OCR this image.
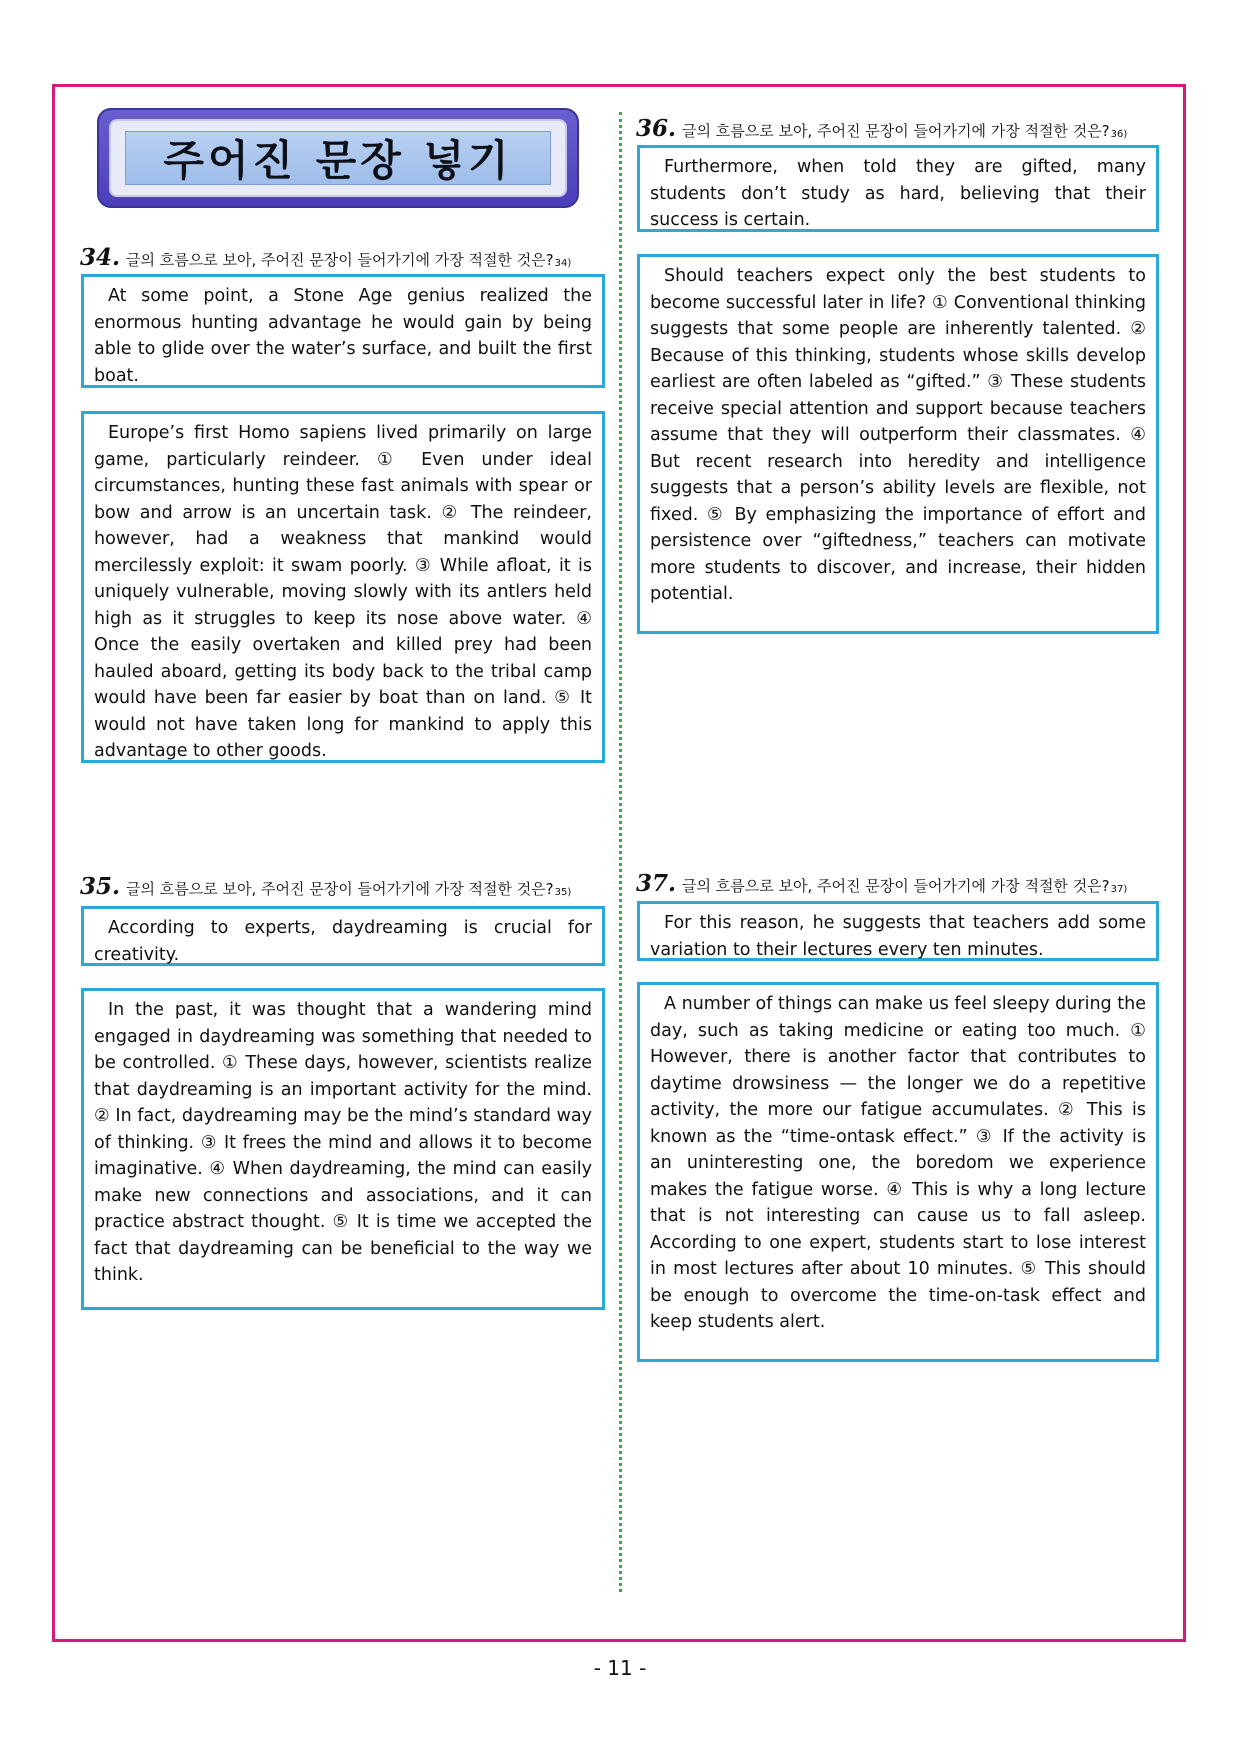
주어진 문장 넣기
34. 글의 흐름으로 보아, 주어진 문장이 들어가기에 가장 적절한 것은? 34)
At some point, a Stone Age genius realized the enormous hunting advantage he would gain by being able to glide over the water’s surface, and built the first boat.
Europe’s first Homo sapiens lived primarily on large game, particularly reindeer. ① Even under ideal circumstances, hunting these fast animals with spear or bow and arrow is an uncertain task. ② The reindeer, however, had a weakness that mankind would mercilessly exploit: it swam poorly. ③ While afloat, it is uniquely vulnerable, moving slowly with its antlers held high as it struggles to keep its nose above water. ④ Once the easily overtaken and killed prey had been hauled aboard, getting its body back to the tribal camp would have been far easier by boat than on land. ⑤ It would not have taken long for mankind to apply this advantage to other goods.
35. 글의 흐름으로 보아, 주어진 문장이 들어가기에 가장 적절한 것은? 35)
According to experts, daydreaming is crucial for creativity.
In the past, it was thought that a wandering mind engaged in daydreaming was something that needed to be controlled. ① These days, however, scientists realize that daydreaming is an important activity for the mind. ② In fact, daydreaming may be the mind’s standard way of thinking. ③ It frees the mind and allows it to become imaginative. ④ When daydreaming, the mind can easily make new connections and associations, and it can practice abstract thought. ⑤ It is time we accepted the fact that daydreaming can be beneficial to the way we think.
36. 글의 흐름으로 보아, 주어진 문장이 들어가기에 가장 적절한 것은? 36)
Furthermore, when told they are gifted, many students don’t study as hard, believing that their success is certain.
Should teachers expect only the best students to become successful later in life? ① Conventional thinking suggests that some people are inherently talented. ② Because of this thinking, students whose skills develop earliest are often labeled as “gifted.” ③ These students receive special attention and support because teachers assume that they will outperform their classmates. ④ But recent research into heredity and intelligence suggests that a person’s ability levels are flexible, not fixed. ⑤ By emphasizing the importance of effort and persistence over “giftedness,” teachers can motivate more students to discover, and increase, their hidden potential.
37. 글의 흐름으로 보아, 주어진 문장이 들어가기에 가장 적절한 것은? 37)
For this reason, he suggests that teachers add some variation to their lectures every ten minutes.
A number of things can make us feel sleepy during the day, such as taking medicine or eating too much. ① However, there is another factor that contributes to daytime drowsiness — the longer we do a repetitive activity, the more our fatigue accumulates. ② This is known as the “time-ontask effect.” ③ If the activity is an uninteresting one, the boredom we experience makes the fatigue worse. ④ This is why a long lecture that is not interesting can cause us to fall asleep. According to one expert, students start to lose interest in most lectures after about 10 minutes. ⑤ This should be enough to overcome the time-on-task effect and keep students alert.
- 11 -
